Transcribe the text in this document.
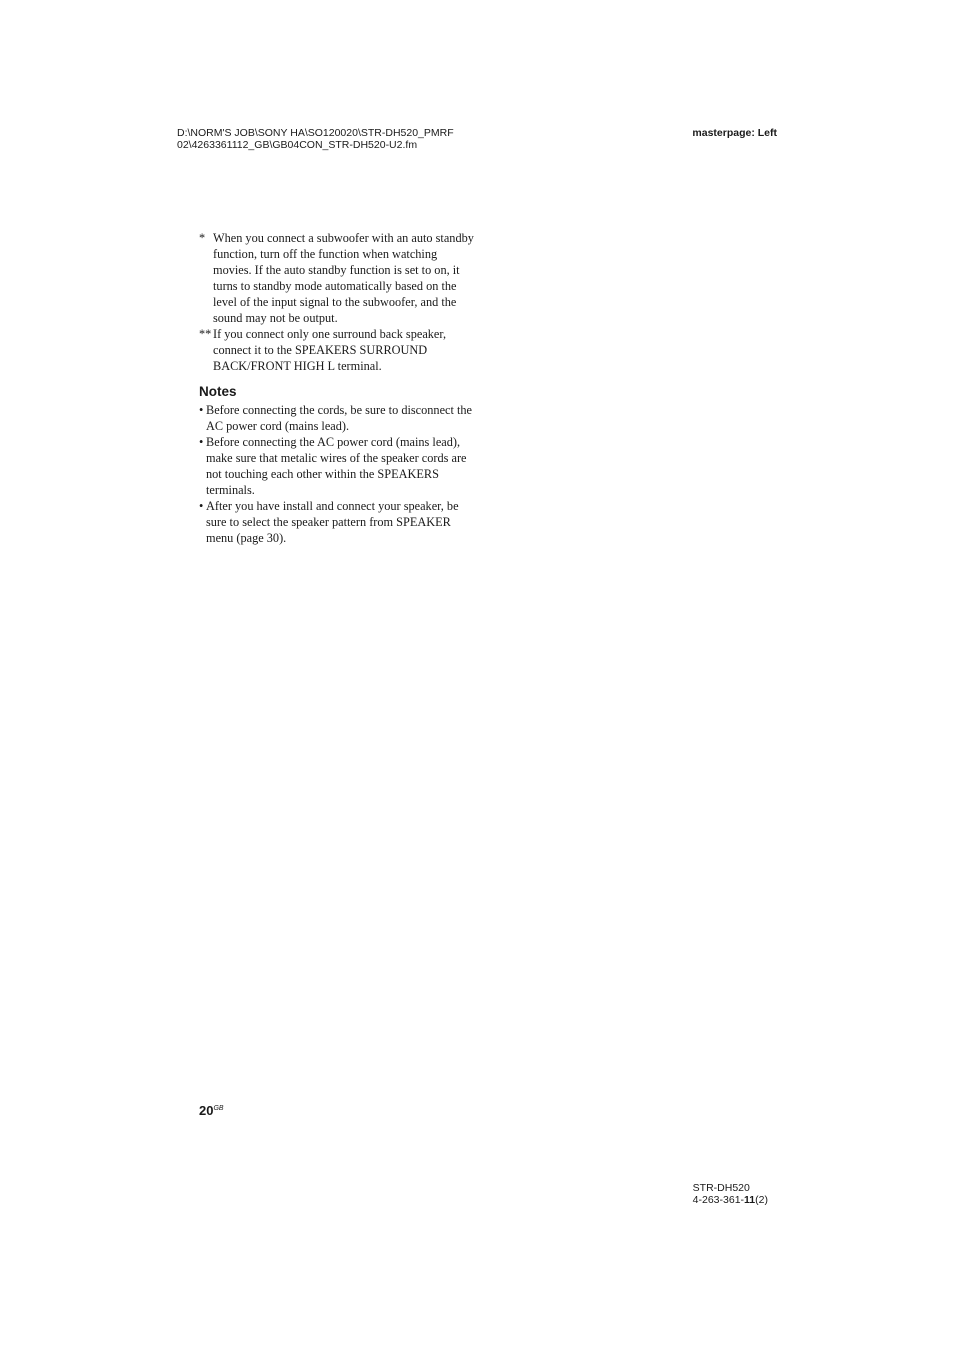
D:\NORM'S JOB\SONY HA\SO120020\STR-DH520_PMRF
02\4263361112_GB\GB04CON_STR-DH520-U2.fm
masterpage: Left
* When you connect a subwoofer with an auto standby function, turn off the function when watching movies. If the auto standby function is set to on, it turns to standby mode automatically based on the level of the input signal to the subwoofer, and the sound may not be output.
** If you connect only one surround back speaker, connect it to the SPEAKERS SURROUND BACK/FRONT HIGH L terminal.
Notes
• Before connecting the cords, be sure to disconnect the AC power cord (mains lead).
• Before connecting the AC power cord (mains lead), make sure that metalic wires of the speaker cords are not touching each other within the SPEAKERS terminals.
• After you have install and connect your speaker, be sure to select the speaker pattern from SPEAKER menu (page 30).
$20^{GB}$
STR-DH520
4-263-361-11(2)
